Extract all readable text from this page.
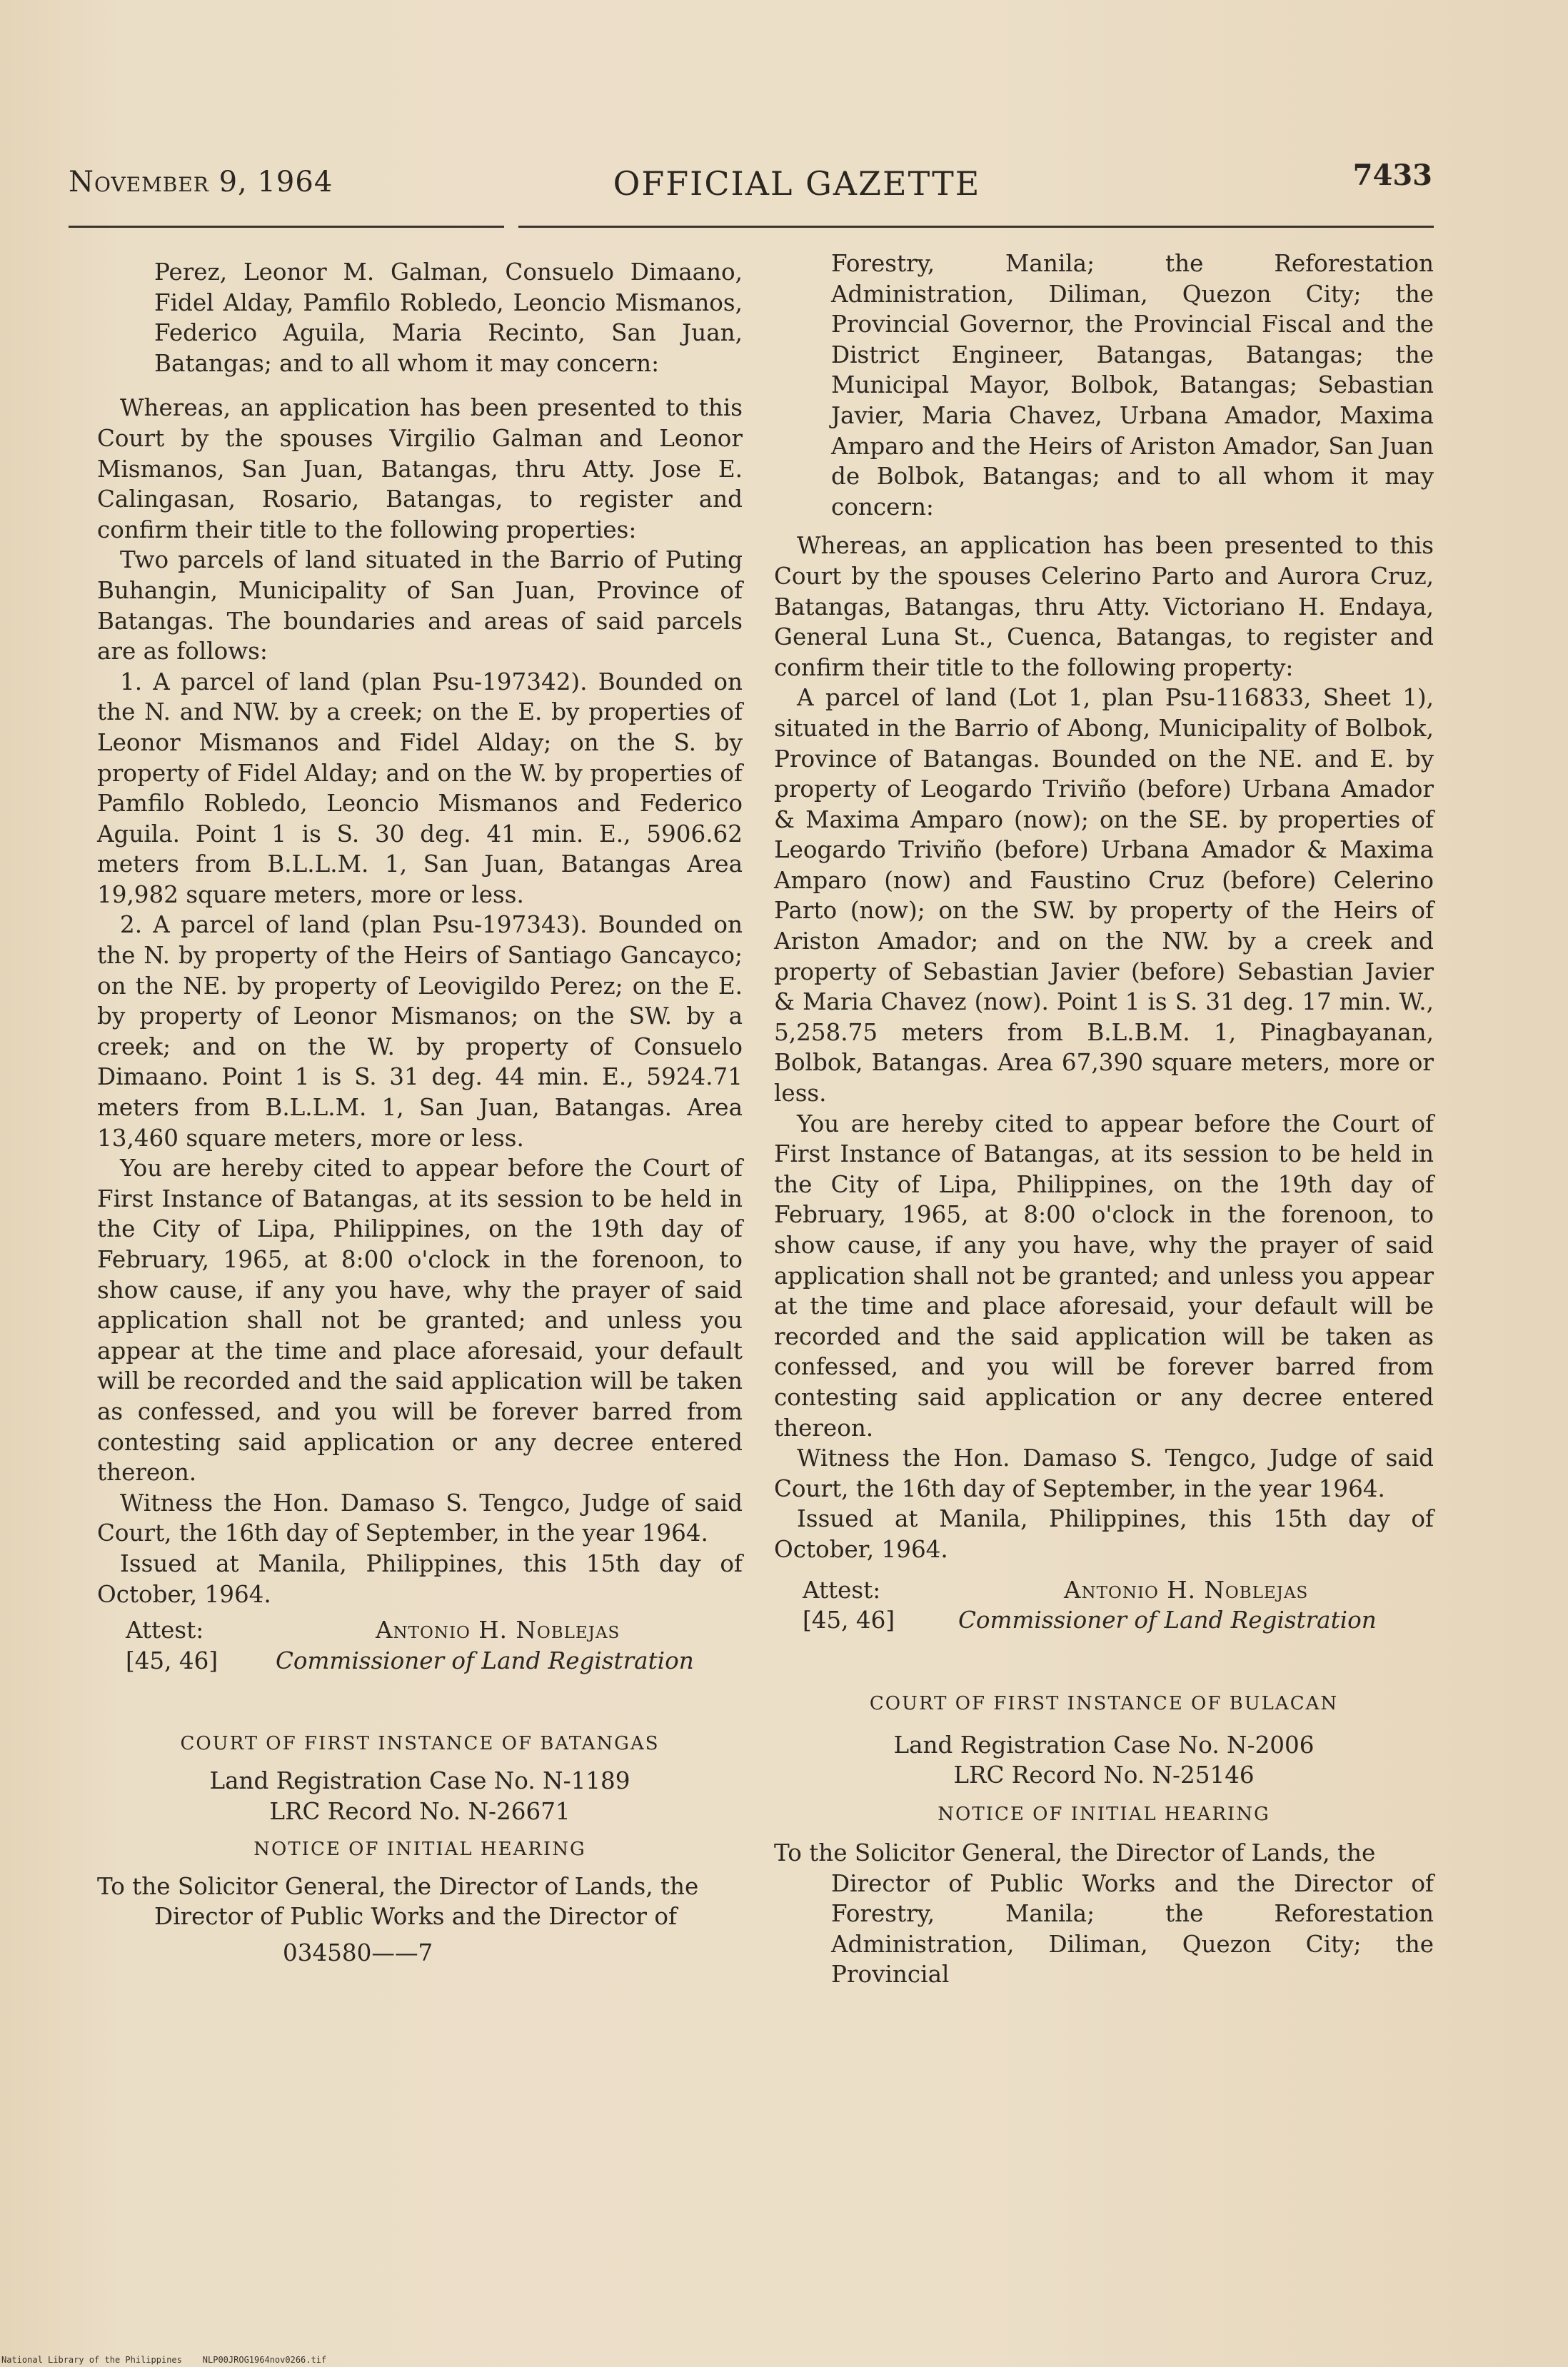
November 9, 1964	OFFICIAL GAZETTE	7433

Perez, Leonor M. Galman, Consuelo Dimaano, Fidel Alday, Pamfilo Robledo, Leoncio Mismanos, Federico Aguila, Maria Recinto, San Juan, Batangas; and to all whom it may concern:

Whereas, an application has been presented to this Court by the spouses Virgilio Galman and Leonor Mismanos, San Juan, Batangas, thru Atty. Jose E. Calingasan, Rosario, Batangas, to register and confirm their title to the following properties:

Two parcels of land situated in the Barrio of Puting Buhangin, Municipality of San Juan, Province of Batangas. The boundaries and areas of said parcels are as follows:

1. A parcel of land (plan Psu-197342). Bounded on the N. and NW. by a creek; on the E. by properties of Leonor Mismanos and Fidel Alday; on the S. by property of Fidel Alday; and on the W. by properties of Pamfilo Robledo, Leoncio Mismanos and Federico Aguila. Point 1 is S. 30 deg. 41 min. E., 5906.62 meters from B.L.L.M. 1, San Juan, Batangas Area 19,982 square meters, more or less.

2. A parcel of land (plan Psu-197343). Bounded on the N. by property of the Heirs of Santiago Gancayco; on the NE. by property of Leovigildo Perez; on the E. by property of Leonor Mismanos; on the SW. by a creek; and on the W. by property of Consuelo Dimaano. Point 1 is S. 31 deg. 44 min. E., 5924.71 meters from B.L.L.M. 1, San Juan, Batangas. Area 13,460 square meters, more or less.

You are hereby cited to appear before the Court of First Instance of Batangas, at its session to be held in the City of Lipa, Philippines, on the 19th day of February, 1965, at 8:00 o'clock in the forenoon, to show cause, if any you have, why the prayer of said application shall not be granted; and unless you appear at the time and place aforesaid, your default will be recorded and the said application will be taken as confessed, and you will be forever barred from contesting said application or any decree entered thereon.

Witness the Hon. Damaso S. Tengco, Judge of said Court, the 16th day of September, in the year 1964.

Issued at Manila, Philippines, this 15th day of October, 1964.

Attest:	Antonio H. Noblejas
[45, 46] Commissioner of Land Registration

COURT OF FIRST INSTANCE OF BATANGAS

Land Registration Case No. N-1189

LRC Record No. N-26671

NOTICE OF INITIAL HEARING

To the Solicitor General, the Director of Lands, the

Director of Public Works and the Director of

034580——7

Forestry, Manila; the Reforestation Administration, Diliman, Quezon City; the Provincial Governor, the Provincial Fiscal and the District Engineer, Batangas, Batangas; the Municipal Mayor, Bolbok, Batangas; Sebastian Javier, Maria Chavez, Urbana Amador, Maxima Amparo and the Heirs of Ariston Amador, San Juan de Bolbok, Batangas; and to all whom it may concern:

Whereas, an application has been presented to this Court by the spouses Celerino Parto and Aurora Cruz, Batangas, Batangas, thru Atty. Victoriano H. Endaya, General Luna St., Cuenca, Batangas, to register and confirm their title to the following property:

A parcel of land (Lot 1, plan Psu-116833, Sheet 1), situated in the Barrio of Abong, Municipality of Bolbok, Province of Batangas. Bounded on the NE. and E. by property of Leogardo Triviño (before) Urbana Amador & Maxima Amparo (now); on the SE. by properties of Leogardo Triviño (before) Urbana Amador & Maxima Amparo (now) and Faustino Cruz (before) Celerino Parto (now); on the SW. by property of the Heirs of Ariston Amador; and on the NW. by a creek and property of Sebastian Javier (before) Sebastian Javier & Maria Chavez (now). Point 1 is S. 31 deg. 17 min. W., 5,258.75 meters from B.L.B.M. 1, Pinagbayanan, Bolbok, Batangas. Area 67,390 square meters, more or less.

You are hereby cited to appear before the Court of First Instance of Batangas, at its session to be held in the City of Lipa, Philippines, on the 19th day of February, 1965, at 8:00 o'clock in the forenoon, to show cause, if any you have, why the prayer of said application shall not be granted; and unless you appear at the time and place aforesaid, your default will be recorded and the said application will be taken as confessed, and you will be forever barred from contesting said application or any decree entered thereon.

Witness the Hon. Damaso S. Tengco, Judge of said Court, the 16th day of September, in the year 1964.

Issued at Manila, Philippines, this 15th day of October, 1964.

Attest:	Antonio H. Noblejas
[45, 46]	Commissioner of Land Registration

COURT OF FIRST INSTANCE OF BULACAN

Land Registration Case No. N-2006

LRC Record No. N-25146

NOTICE OF INITIAL HEARING

To the Solicitor General, the Director of Lands, the

Director of Public Works and the Director of Forestry, Manila; the Reforestation Administration, Diliman, Quezon City; the Provincial

National Library of the Philippines NLP00JROG1964nov0266.tif
